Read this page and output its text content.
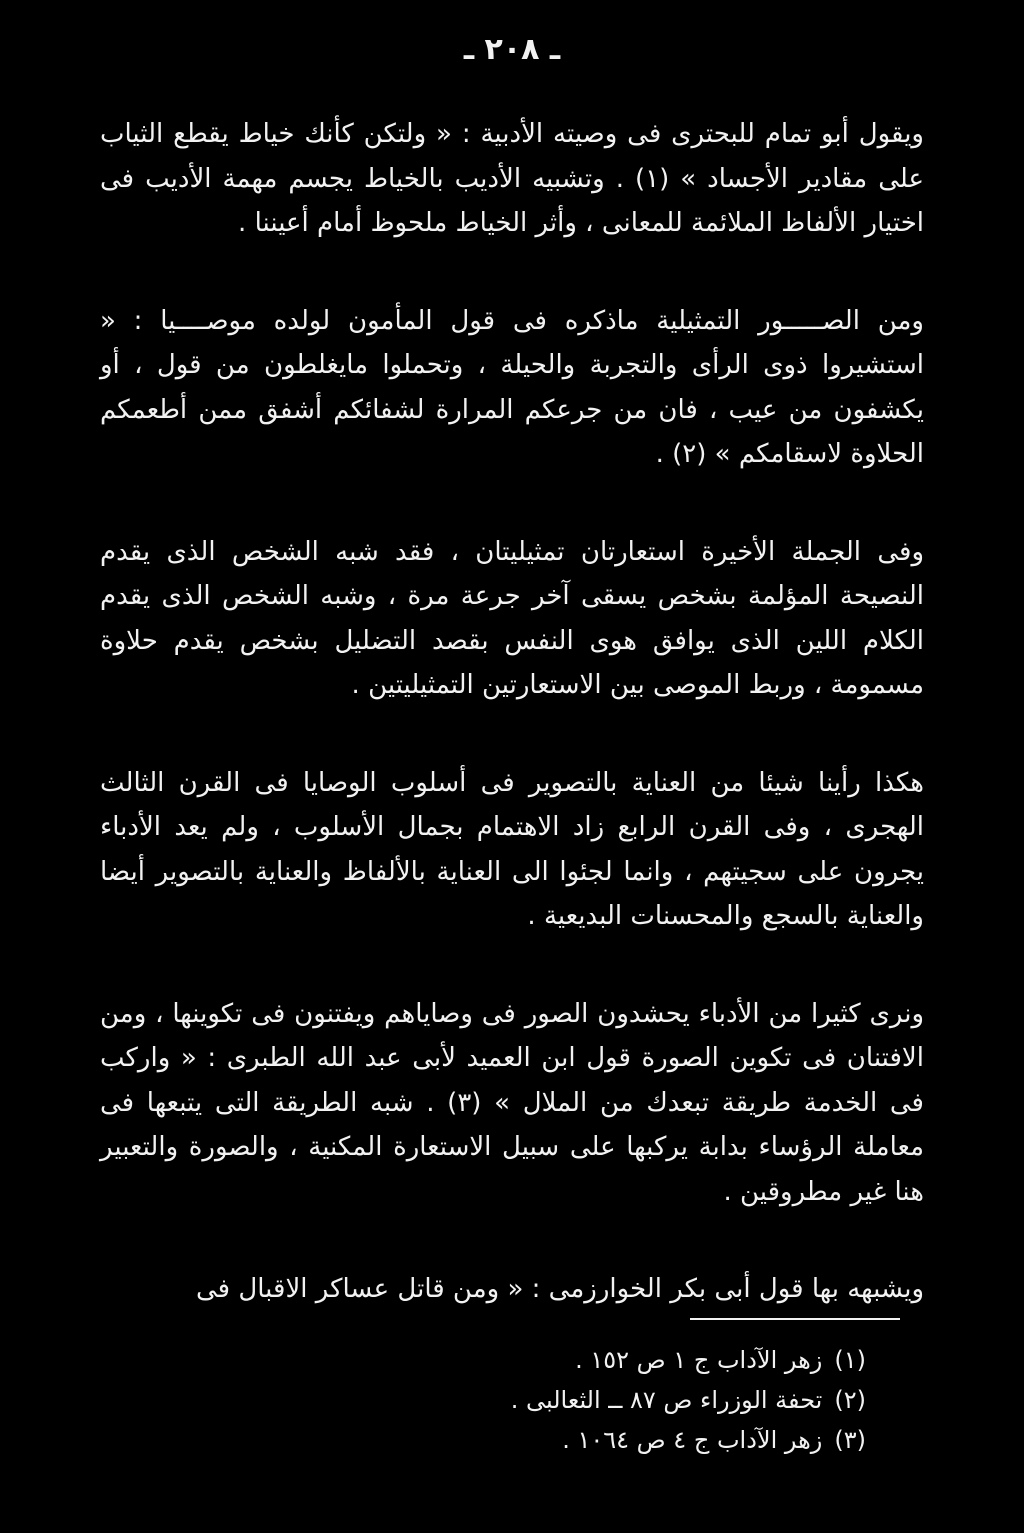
ـ ٢٠٨ ـ

ويقول أبو تمام للبحترى فى وصيته الأدبية : « ولتكن كأنك خياط يقطع الثياب على مقادير الأجساد » (١) . وتشبيه الأديب بالخياط يجسم مهمة الأديب فى اختيار الألفاظ الملائمة للمعانى ، وأثر الخياط ملحوظ أمام أعيننا .

ومن الصـــــور التمثيلية ماذكره فى قول المأمون لولده موصــــيا : « استشيروا ذوى الرأى والتجربة والحيلة ، وتحملوا مايغلطون من قول ، أو يكشفون من عيب ، فان من جرعكم المرارة لشفائكم أشفق ممن أطعمكم الحلاوة لاسقامكم » (٢) .

وفى الجملة الأخيرة استعارتان تمثيليتان ، فقد شبه الشخص الذى يقدم النصيحة المؤلمة بشخص يسقى آخر جرعة مرة ، وشبه الشخص الذى يقدم الكلام اللين الذى يوافق هوى النفس بقصد التضليل بشخص يقدم حلاوة مسمومة ، وربط الموصى بين الاستعارتين التمثيليتين .

هكذا رأينا شيئا من العناية بالتصوير فى أسلوب الوصايا فى القرن الثالث الهجرى ، وفى القرن الرابع زاد الاهتمام بجمال الأسلوب ، ولم يعد الأدباء يجرون على سجيتهم ، وانما لجئوا الى العناية بالألفاظ والعناية بالتصوير أيضا والعناية بالسجع والمحسنات البديعية .

ونرى كثيرا من الأدباء يحشدون الصور فى وصاياهم ويفتنون فى تكوينها ، ومن الافتنان فى تكوين الصورة قول ابن العميد لأبى عبد الله الطبرى : « وارکب فى الخدمة طريقة تبعدك من الملال » (٣) . شبه الطريقة التى يتبعها فى معاملة الرؤساء بدابة يركبها على سبيل الاستعارة المكنية ، والصورة والتعبير هنا غير مطروقين .

ويشبهه بها قول أبى بكر الخوارزمى : « ومن قاتل عساكر الاقبال فى

(١)زهر الآداب ج ١ ص ١٥٢ .
(٢)تحفة الوزراء ص ٨٧ ــ الثعالبى .
(٣)زهر الآداب ج ٤ ص ١٠٦٤ .
